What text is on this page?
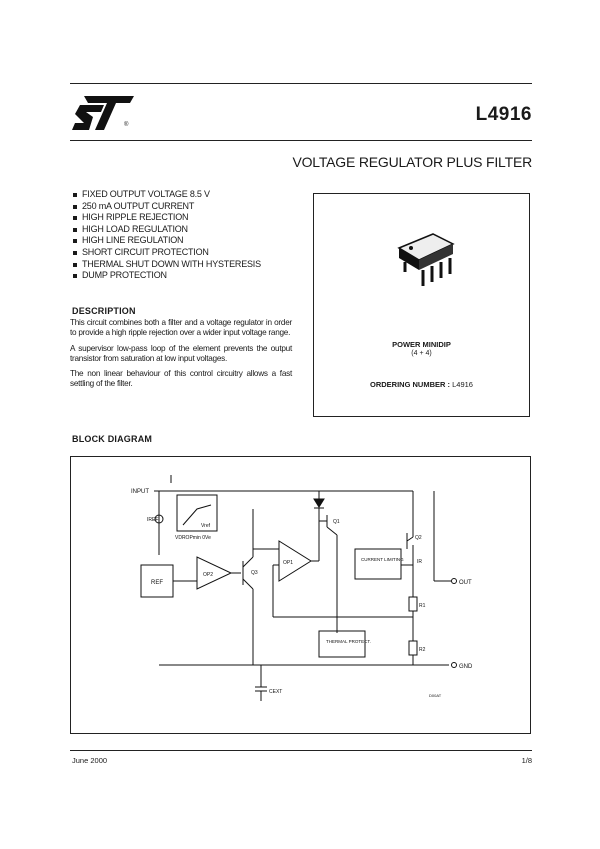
®	L4916
VOLTAGE REGULATOR PLUS FILTER
FIXED OUTPUT VOLTAGE 8.5 V
250 mA OUTPUT CURRENT
HIGH RIPPLE REJECTION
HIGH LOAD REGULATION
HIGH LINE REGULATION
SHORT CIRCUIT PROTECTION
THERMAL SHUT DOWN WITH HYSTERESIS
DUMP PROTECTION
POWER MINIDIP
(4 + 4)
ORDERING NUMBER : L4916
DESCRIPTION

This circuit combines both a filter and a voltage regulator in order to provide a high ripple rejection over a wider input voltage range.

A supervisor low-pass loop of the element prevents the output transistor from saturation at low input voltages.

The non linear behaviour of this control circuitry allows a fast settling of the filter.

BLOCK DIAGRAM
INPUT
OUT
GND
VDROPmin 0Ve
Vref
IREF
REF
OP2	Q3
OP1
Q1
CURRENT LIMITING
Q2
IR
R1
R2
THERMAL PROTECT.
CEXT
D00AT
June 2000	1/8
